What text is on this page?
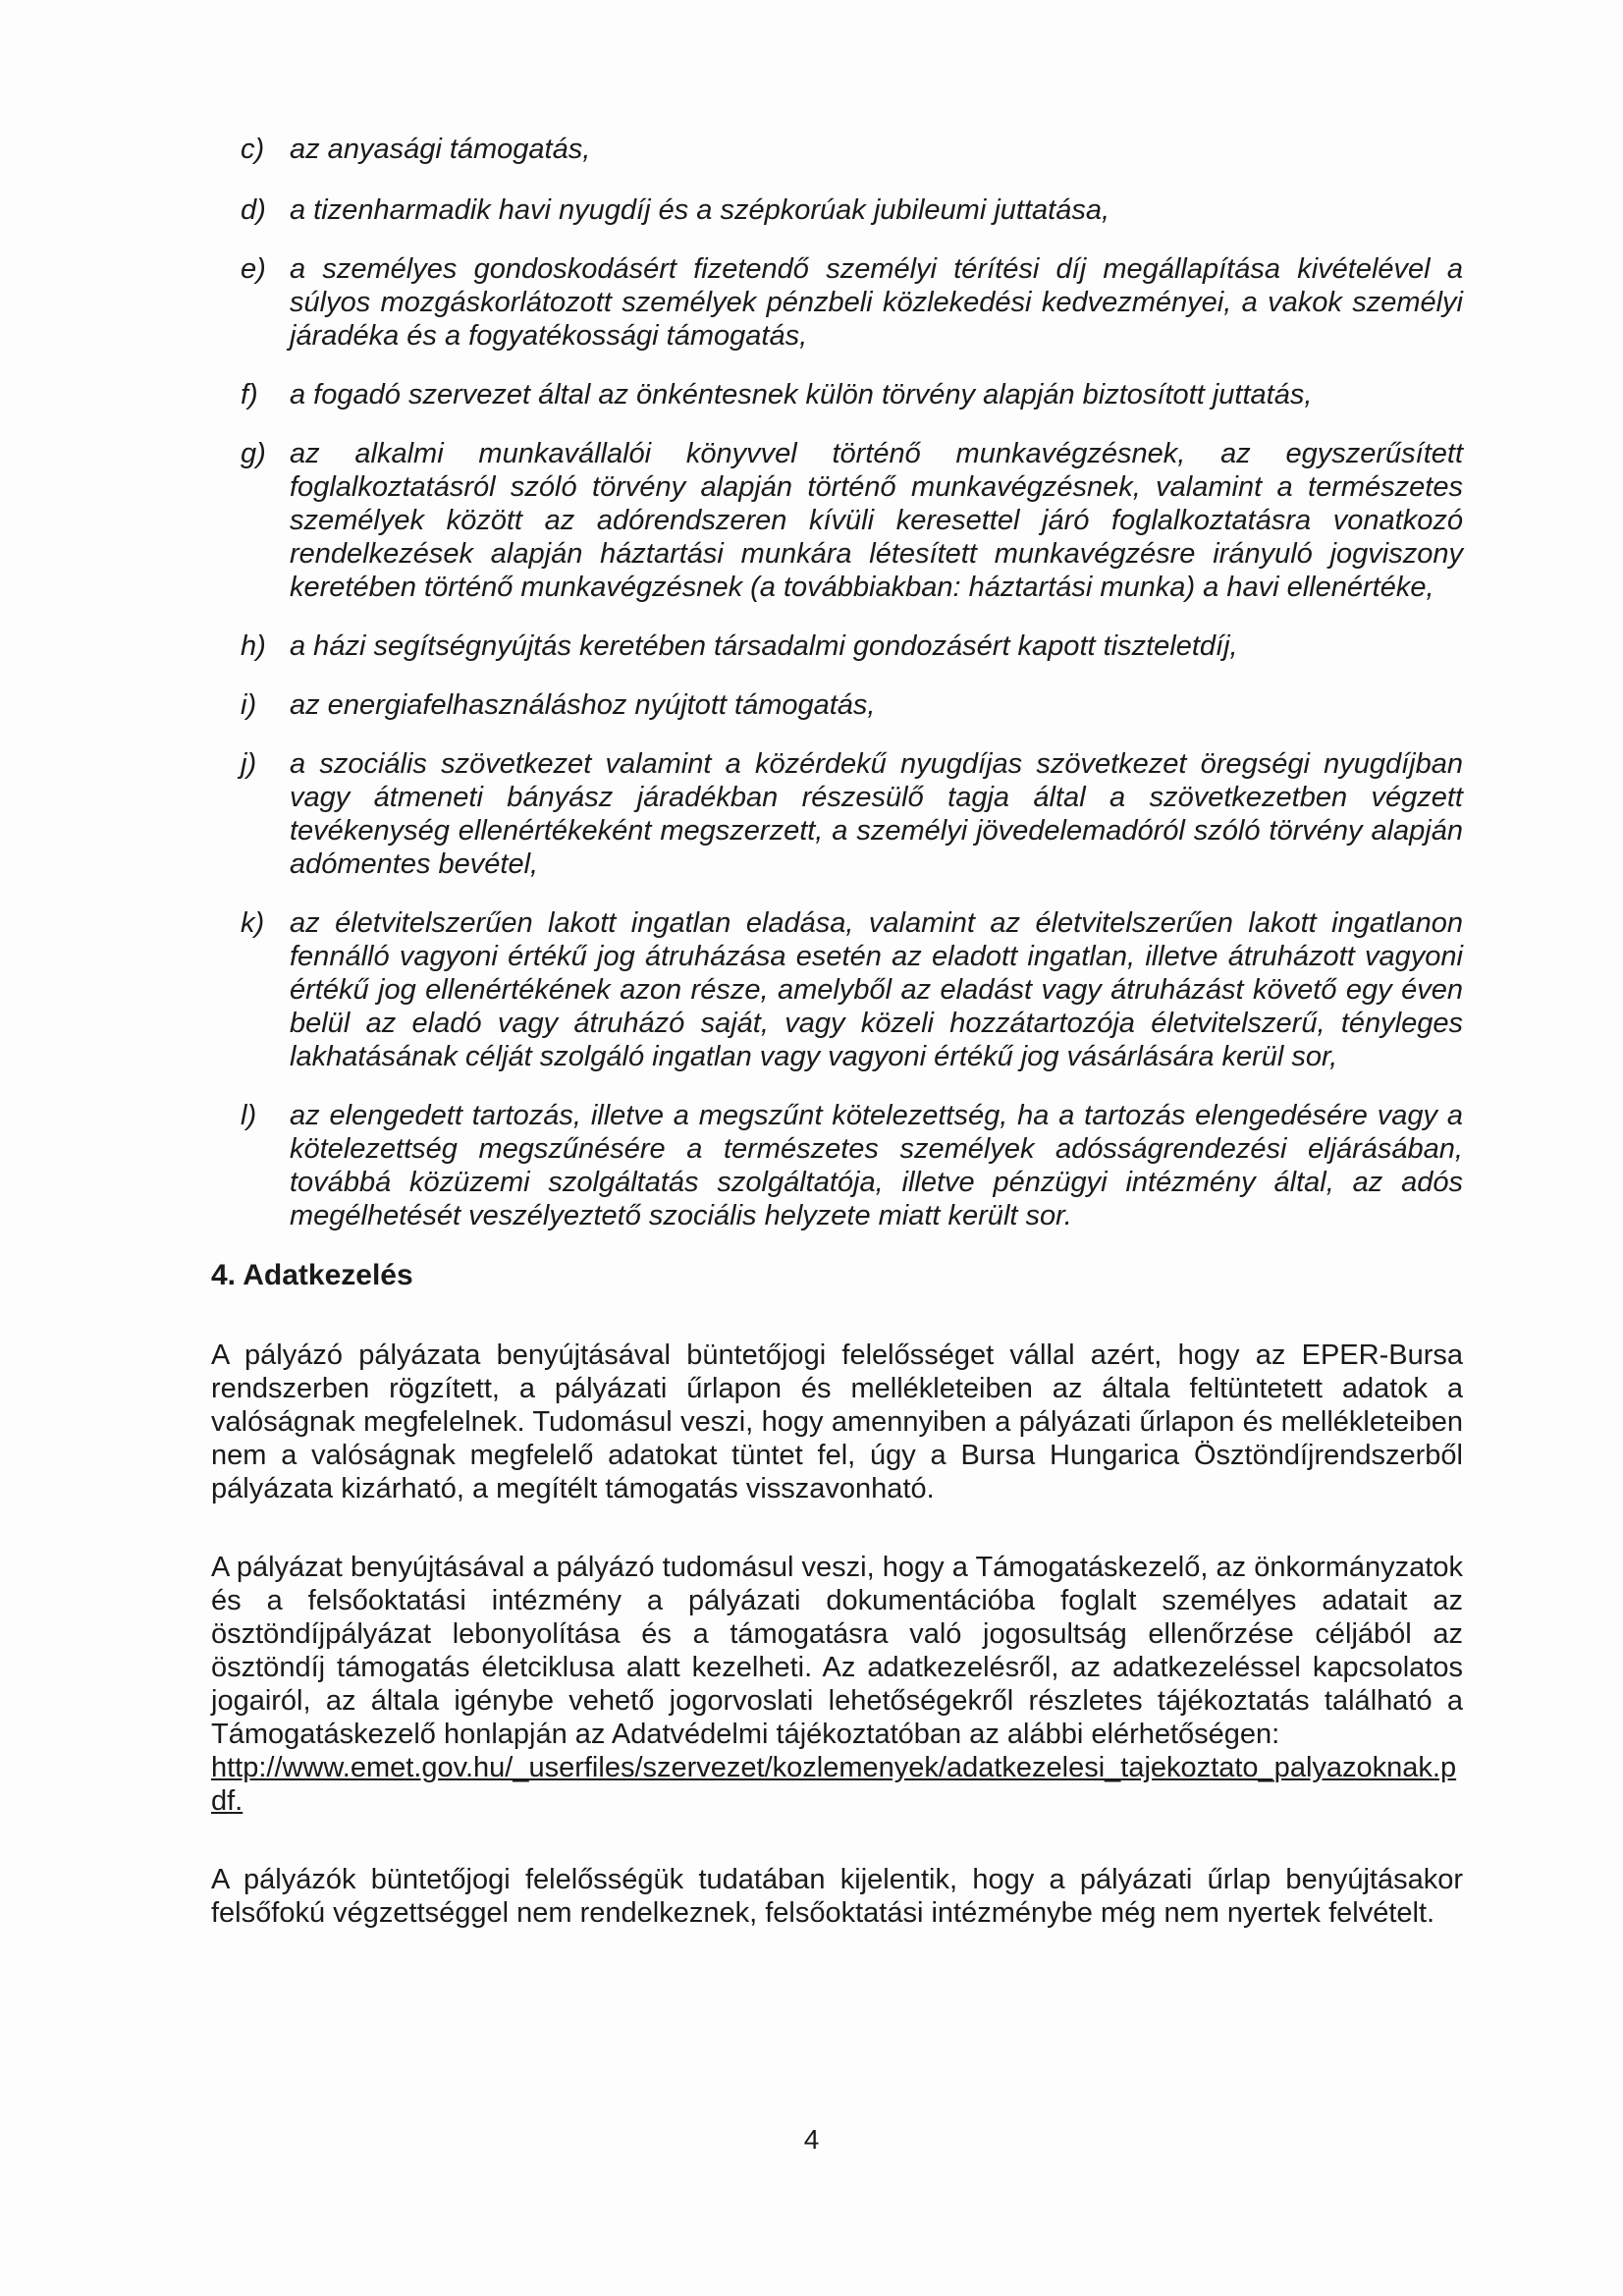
c) az anyasági támogatás,
d) a tizenharmadik havi nyugdíj és a szépkorúak jubileumi juttatása,
e) a személyes gondoskodásért fizetendő személyi térítési díj megállapítása kivételével a súlyos mozgáskorlátozott személyek pénzbeli közlekedési kedvezményei, a vakok személyi járadéka és a fogyatékossági támogatás,
f) a fogadó szervezet által az önkéntesnek külön törvény alapján biztosított juttatás,
g) az alkalmi munkavállalói könyvvel történő munkavégzésnek, az egyszerűsített foglalkoztatásról szóló törvény alapján történő munkavégzésnek, valamint a természetes személyek között az adórendszeren kívüli keresettel járó foglalkoztatásra vonatkozó rendelkezések alapján háztartási munkára létesített munkavégzésre irányuló jogviszony keretében történő munkavégzésnek (a továbbiakban: háztartási munka) a havi ellenértéke,
h) a házi segítségnyújtás keretében társadalmi gondozásért kapott tiszteletdíj,
i) az energiafelhasználáshoz nyújtott támogatás,
j) a szociális szövetkezet valamint a közérdekű nyugdíjas szövetkezet öregségi nyugdíjban vagy átmeneti bányász járadékban részesülő tagja által a szövetkezetben végzett tevékenység ellenértékeként megszerzett, a személyi jövedelemadóról szóló törvény alapján adómentes bevétel,
k) az életvitelszerűen lakott ingatlan eladása, valamint az életvitelszerűen lakott ingatlanon fennálló vagyoni értékű jog átruházása esetén az eladott ingatlan, illetve átruházott vagyoni értékű jog ellenértékének azon része, amelyből az eladást vagy átruházást követő egy éven belül az eladó vagy átruházó saját, vagy közeli hozzátartozója életvitelszerű, tényleges lakhatásának célját szolgáló ingatlan vagy vagyoni értékű jog vásárlására kerül sor,
l) az elengedett tartozás, illetve a megszűnt kötelezettség, ha a tartozás elengedésére vagy a kötelezettség megszűnésére a természetes személyek adósságrendezési eljárásában, továbbá közüzemi szolgáltatás szolgáltatója, illetve pénzügyi intézmény által, az adós megélhetését veszélyeztető szociális helyzete miatt került sor.
4. Adatkezelés
A pályázó pályázata benyújtásával büntetőjogi felelősséget vállal azért, hogy az EPER-Bursa rendszerben rögzített, a pályázati űrlapon és mellékleteiben az általa feltüntetett adatok a valóságnak megfelelnek. Tudomásul veszi, hogy amennyiben a pályázati űrlapon és mellékleteiben nem a valóságnak megfelelő adatokat tüntet fel, úgy a Bursa Hungarica Ösztöndíjrendszerből pályázata kizárható, a megítélt támogatás visszavonható.
A pályázat benyújtásával a pályázó tudomásul veszi, hogy a Támogatáskezelő, az önkormányzatok és a felsőoktatási intézmény a pályázati dokumentációba foglalt személyes adatait az ösztöndíjpályázat lebonyolítása és a támogatásra való jogosultság ellenőrzése céljából az ösztöndíj támogatás életciklusa alatt kezelheti. Az adatkezelésről, az adatkezeléssel kapcsolatos jogairól, az általa igénybe vehető jogorvoslati lehetőségekről részletes tájékoztatás található a Támogatáskezelő honlapján az Adatvédelmi tájékoztatóban az alábbi elérhetőségen:
http://www.emet.gov.hu/_userfiles/szervezet/kozlemenyek/adatkezelesi_tajekoztato_palyazoknak.pdf.
A pályázók büntetőjogi felelősségük tudatában kijelentik, hogy a pályázati űrlap benyújtásakor felsőfokú végzettséggel nem rendelkeznek, felsőoktatási intézménybe még nem nyertek felvételt.
4
